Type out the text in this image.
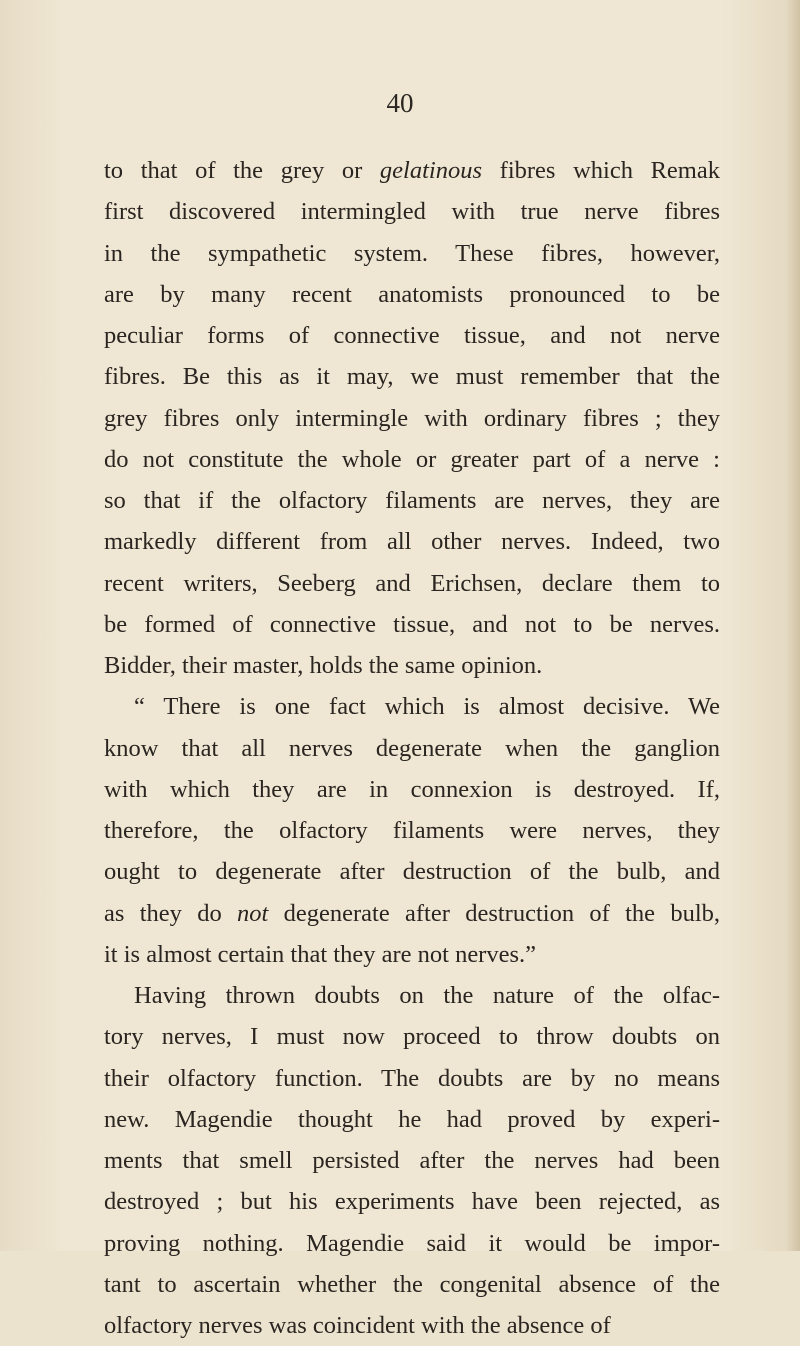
40

to that of the grey or gelatinous fibres which Remak
first discovered intermingled with true nerve fibres
in the sympathetic system. These fibres, however,
are by many recent anatomists pronounced to be
peculiar forms of connective tissue, and not nerve
fibres. Be this as it may, we must remember that the
grey fibres only intermingle with ordinary fibres ; they
do not constitute the whole or greater part of a nerve :
so that if the olfactory filaments are nerves, they are
markedly different from all other nerves. Indeed, two
recent writers, Seeberg and Erichsen, declare them to
be formed of connective tissue, and not to be nerves.
Bidder, their master, holds the same opinion.
“ There is one fact which is almost decisive. We
know that all nerves degenerate when the ganglion
with which they are in connexion is destroyed. If,
therefore, the olfactory filaments were nerves, they
ought to degenerate after destruction of the bulb, and
as they do not degenerate after destruction of the bulb,
it is almost certain that they are not nerves.”
Having thrown doubts on the nature of the olfac-
tory nerves, I must now proceed to throw doubts on
their olfactory function. The doubts are by no means
new. Magendie thought he had proved by experi-
ments that smell persisted after the nerves had been
destroyed ; but his experiments have been rejected, as
proving nothing. Magendie said it would be impor-
tant to ascertain whether the congenital absence of the
olfactory nerves was coincident with the absence of
